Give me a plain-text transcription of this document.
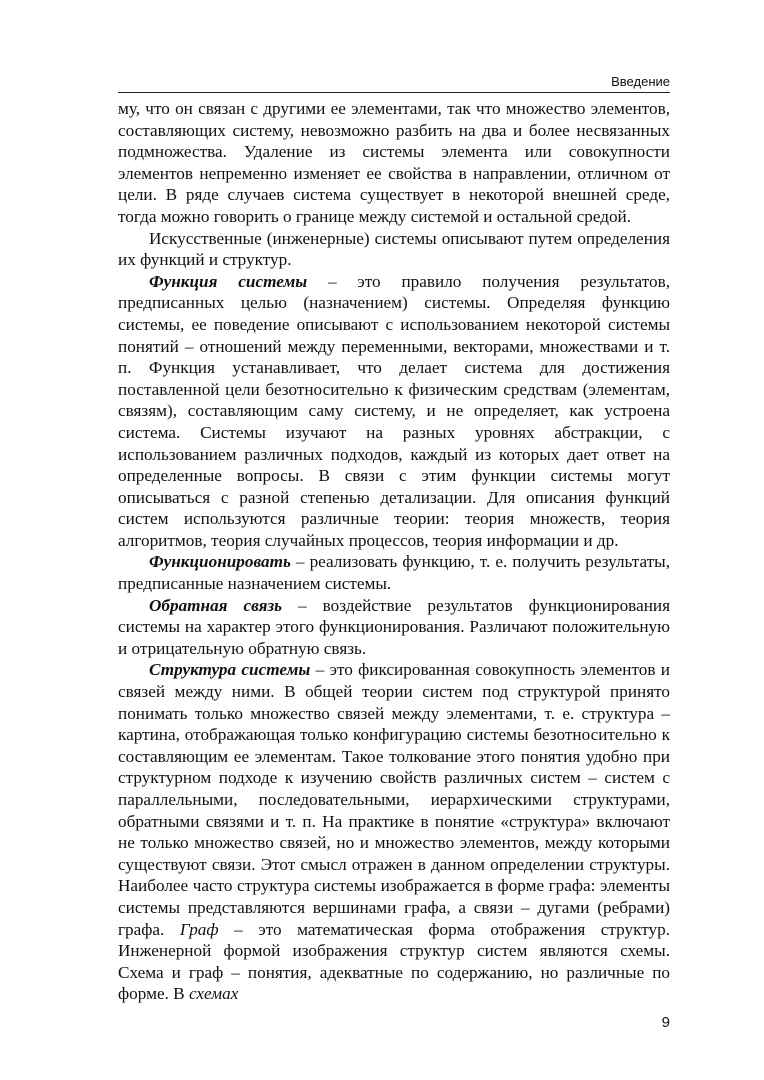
Введение

му, что он связан с другими ее элементами, так что множество элементов, составляющих систему, невозможно разбить на два и более несвязанных подмножества. Удаление из системы элемента или совокупности элементов непременно изменяет ее свойства в направлении, отличном от цели. В ряде случаев система существует в некоторой внешней среде, тогда можно говорить о границе между системой и остальной средой.

Искусственные (инженерные) системы описывают путем определения их функций и структур.

Функция системы – это правило получения результатов, предписанных целью (назначением) системы. Определяя функцию системы, ее поведение описывают с использованием некоторой системы понятий – отношений между переменными, векторами, множествами и т. п. Функция устанавливает, что делает система для достижения поставленной цели безотносительно к физическим средствам (элементам, связям), составляющим саму систему, и не определяет, как устроена система. Системы изучают на разных уровнях абстракции, с использованием различных подходов, каждый из которых дает ответ на определенные вопросы. В связи с этим функции системы могут описываться с разной степенью детализации. Для описания функций систем используются различные теории: теория множеств, теория алгоритмов, теория случайных процессов, теория информации и др.

Функционировать – реализовать функцию, т. е. получить результаты, предписанные назначением системы.

Обратная связь – воздействие результатов функционирования системы на характер этого функционирования. Различают положительную и отрицательную обратную связь.

Структура системы – это фиксированная совокупность элементов и связей между ними. В общей теории систем под структурой принято понимать только множество связей между элементами, т. е. структура – картина, отображающая только конфигурацию системы безотносительно к составляющим ее элементам. Такое толкование этого понятия удобно при структурном подходе к изучению свойств различных систем – систем с параллельными, последовательными, иерархическими структурами, обратными связями и т. п. На практике в понятие «структура» включают не только множество связей, но и множество элементов, между которыми существуют связи. Этот смысл отражен в данном определении структуры. Наиболее часто структура системы изображается в форме графа: элементы системы представляются вершинами графа, а связи – дугами (ребрами) графа. Граф – это математическая форма отображения структур. Инженерной формой изображения структур систем являются схемы. Схема и граф – понятия, адекватные по содержанию, но различные по форме. В схемах

9
